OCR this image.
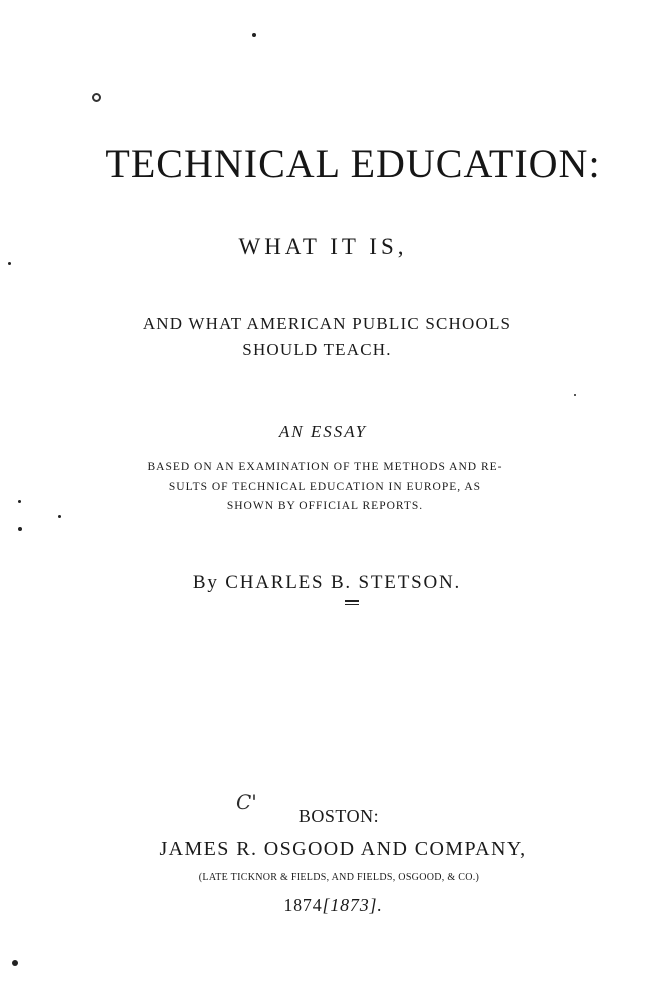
TECHNICAL EDUCATION:
WHAT IT IS,
AND WHAT AMERICAN PUBLIC SCHOOLS
SHOULD TEACH.
AN ESSAY
BASED ON AN EXAMINATION OF THE METHODS AND RE-
SULTS OF TECHNICAL EDUCATION IN EUROPE, AS
SHOWN BY OFFICIAL REPORTS.
By CHARLES B. STETSON.
C'
BOSTON:
JAMES R. OSGOOD AND COMPANY,
(LATE TICKNOR & FIELDS, AND FIELDS, OSGOOD, & CO.)
1874[1873].
